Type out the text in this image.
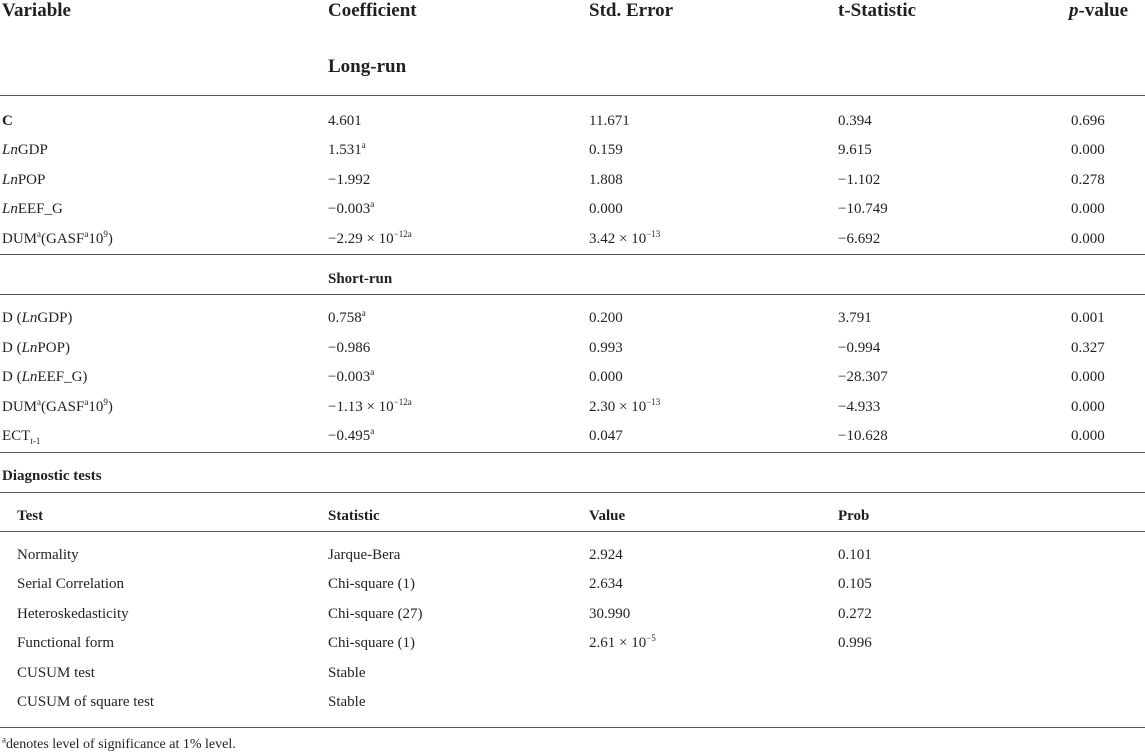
Variable	Coefficient	Std. Error	t-Statistic	p-value
Long-run
C	4.601	11.671	0.394	0.696
LnGDP	1.531$^a$	0.159	9.615	0.000
LnPOP	−1.992	1.808	−1.102	0.278
LnEEF_G	−0.003$^a$	0.000	−10.749	0.000
$DUM^a(GASF^a10^9)$	$-2.29 \times 10^{-12a}$	$3.42 \times 10^{-13}$	−6.692	0.000
Short-run
D (LnGDP)	0.758$^a$	0.200	3.791	0.001
D (LnPOP)	−0.986	0.993	−0.994	0.327
D (LnEEF_G)	−0.003$^a$	0.000	−28.307	0.000
$DUM^a(GASF^a10^9)$	$-1.13 \times 10^{-12a}$	$2.30 \times 10^{-13}$	−4.933	0.000
$ECT_{t-1}$	−0.495$^a$	0.047	−10.628	0.000
Diagnostic tests
Test	Statistic	Value	Prob
Normality	Jarque-Bera	2.924	0.101
Serial Correlation	Chi-square (1)	2.634	0.105
Heteroskedasticity	Chi-square (27)	30.990	0.272
Functional form	Chi-square (1)	$2.61 \times 10^{-5}$	0.996
CUSUM test	Stable
CUSUM of square test	Stable
$^a$denotes level of significance at 1% level.
